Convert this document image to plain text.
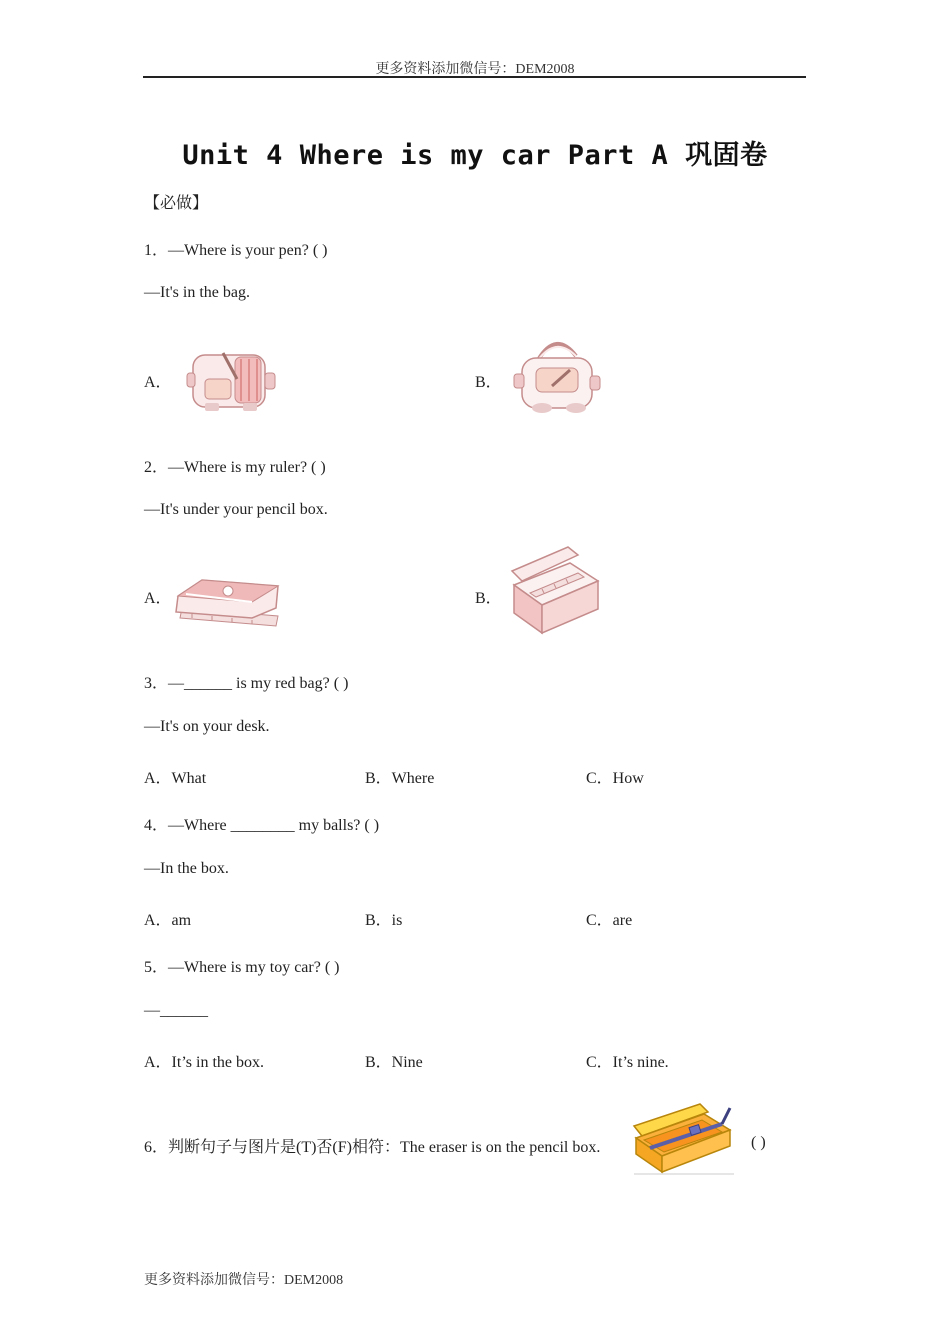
更多资料添加微信号：DEM2008
Unit 4 Where is my car Part A 巩固卷
【必做】
1．—Where is your pen? ( )
—It's in the bag.
A．	B．
2．—Where is my ruler? ( )
—It's under your pencil box.
A．	B．
3．—______ is my red bag? ( )
—It's on your desk.
A．What	B．Where	C．How
4．—Where ________ my balls? ( )
—In the box.
A．am	B．is	C．are
5．—Where is my toy car? ( )
—______
A．It’s in the box.	B．Nine	C．It’s nine.
6．判断句子与图片是(T)否(F)相符：The eraser is on the pencil box.	( )
更多资料添加微信号：DEM2008
